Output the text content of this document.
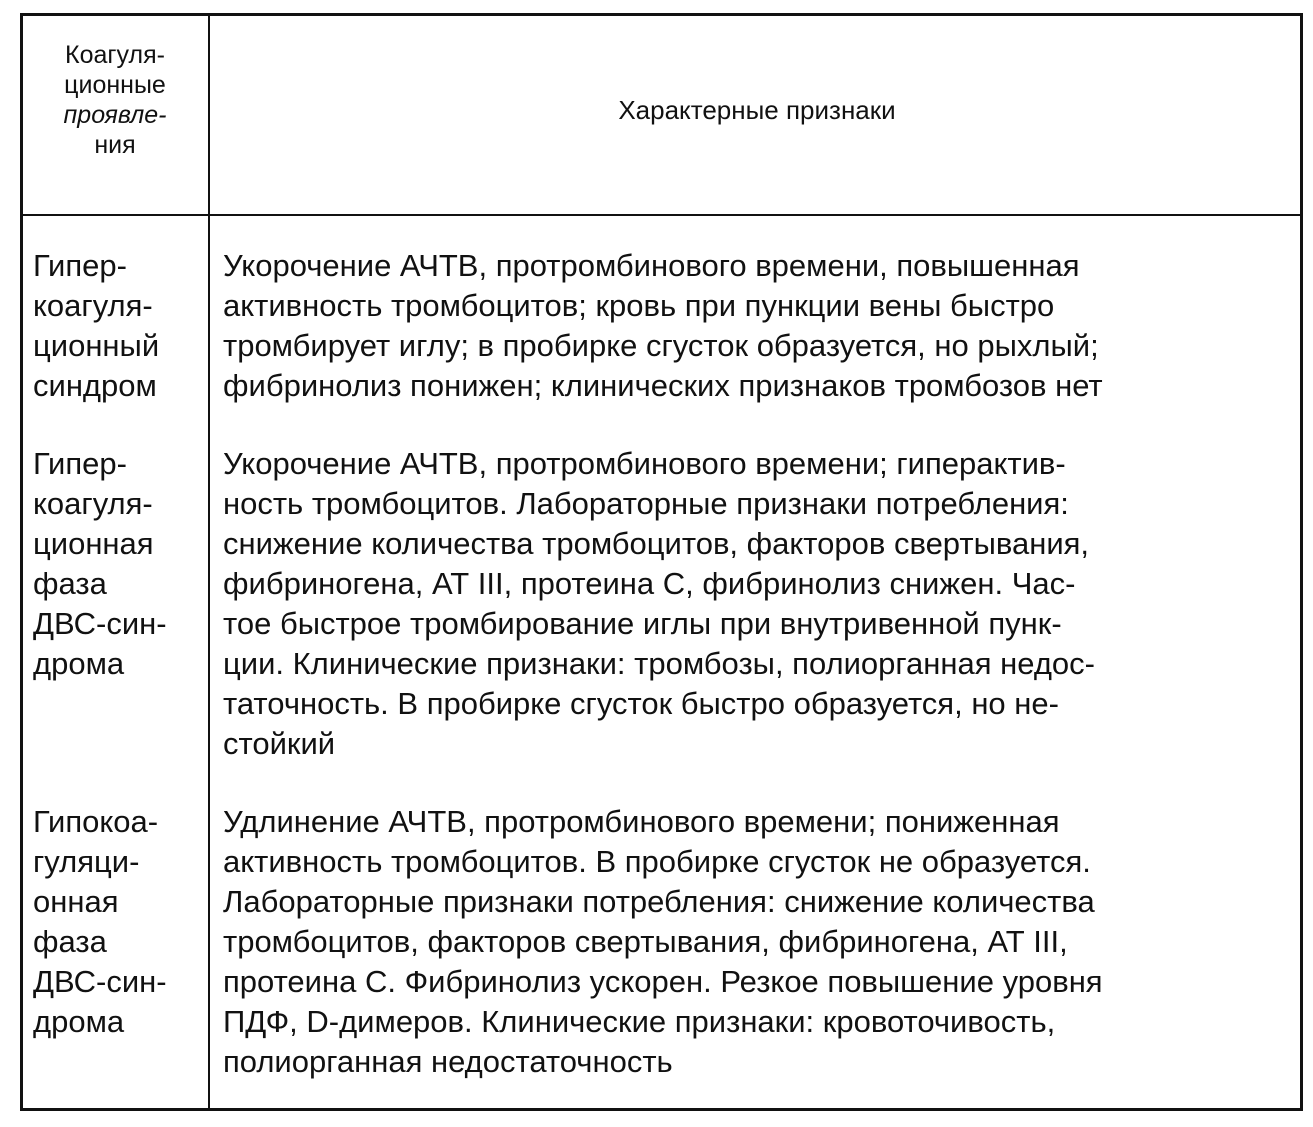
Коагуля-
ционные
проявле-
ния
Характерные признаки
Гипер-
коагуля-
ционный
синдром
Укорочение АЧТВ, протромбинового времени, повышенная
активность тромбоцитов; кровь при пункции вены быстро
тромбирует иглу; в пробирке сгусток образуется, но рыхлый;
фибринолиз понижен; клинических признаков тромбозов нет
Гипер-
коагуля-
ционная
фаза
ДВС-син-
дрома
Укорочение АЧТВ, протромбинового времени; гиперактив-
ность тромбоцитов. Лабораторные признаки потребления:
снижение количества тромбоцитов, факторов свертывания,
фибриногена, АТ III, протеина С, фибринолиз снижен. Час-
тое быстрое тромбирование иглы при внутривенной пунк-
ции. Клинические признаки: тромбозы, полиорганная недос-
таточность. В пробирке сгусток быстро образуется, но не-
стойкий
Гипокоа-
гуляци-
онная
фаза
ДВС-син-
дрома
Удлинение АЧТВ, протромбинового времени; пониженная
активность тромбоцитов. В пробирке сгусток не образуется.
Лабораторные признаки потребления: снижение количества
тромбоцитов, факторов свертывания, фибриногена, АТ III,
протеина С. Фибринолиз ускорен. Резкое повышение уровня
ПДФ, D-димеров. Клинические признаки: кровоточивость,
полиорганная недостаточность
